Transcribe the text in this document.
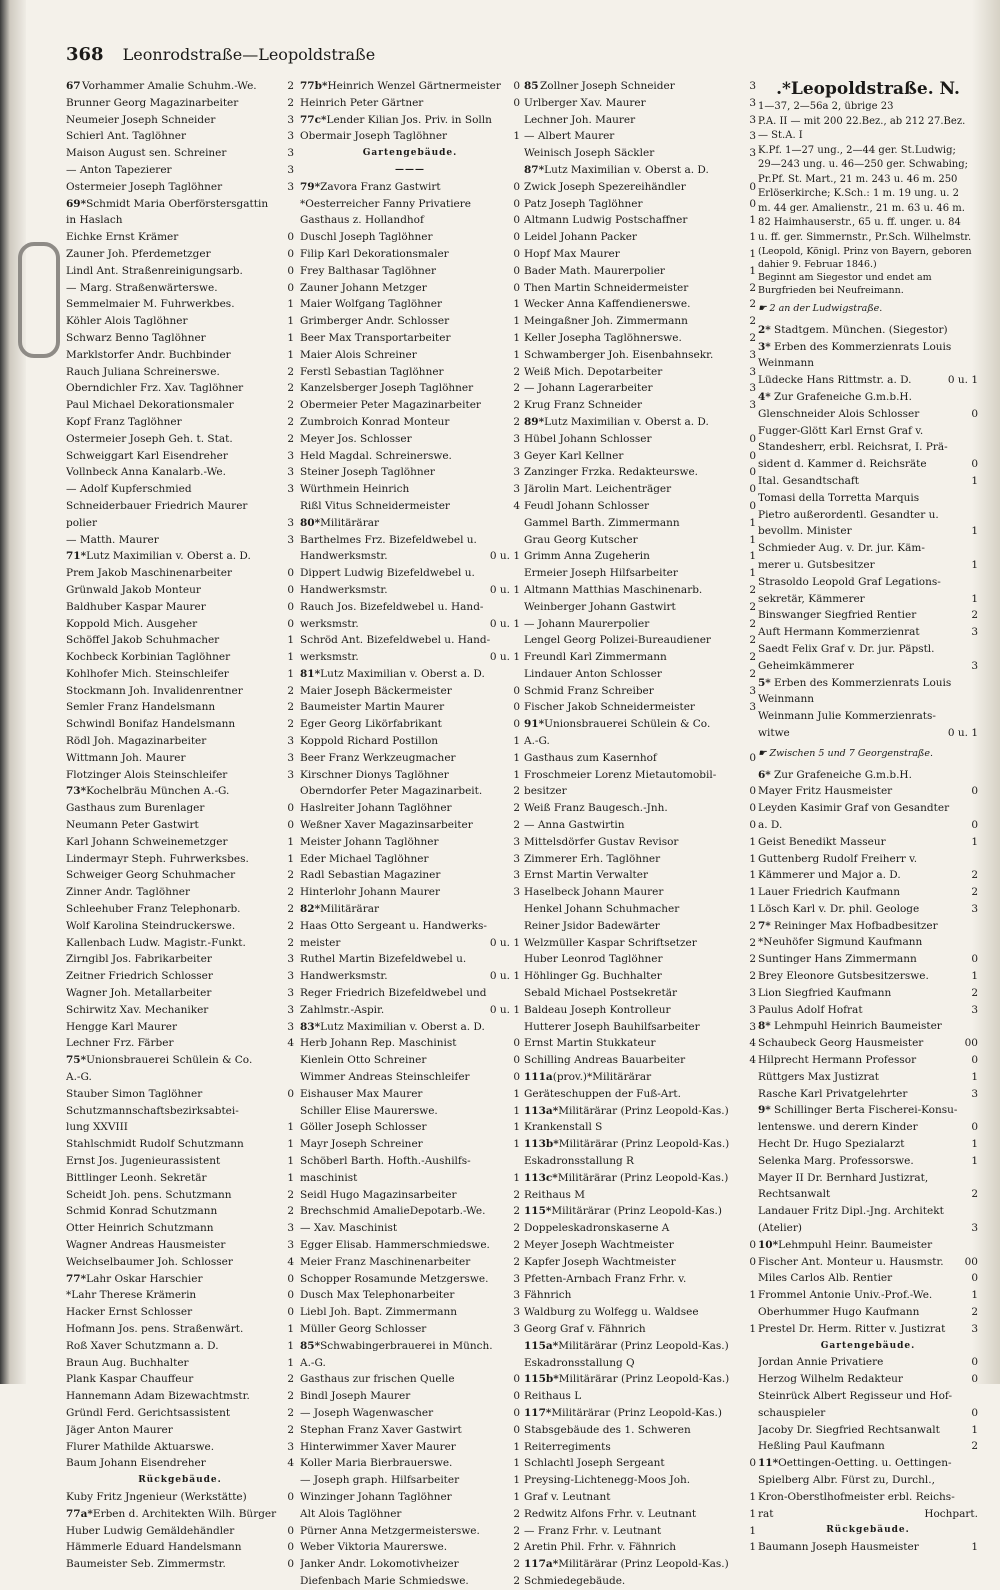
368 Leonrodstraße—Leopoldstraße
67 Vorhammer Amalie Schuhm.-We.	2
Brunner Georg Magazinarbeiter	2
Neumeier Joseph Schneider	3
Schierl Ant. Taglöhner	3
Maison August sen. Schreiner	3
— Anton Tapezierer	3
Ostermeier Joseph Taglöhner	3
69* Schmidt Maria Oberförstersgattin
in Haslach
Eichke Ernst Krämer	0
Zauner Joh. Pferdemetzger	0
Lindl Ant. Straßenreinigungsarb.	0
— Marg. Straßenwärterswe.	0
Semmelmaier M. Fuhrwerkbes.	1
Köhler Alois Taglöhner	1
Schwarz Benno Taglöhner	1
Marklstorfer Andr. Buchbinder	1
Rauch Juliana Schreinerswe.	2
Oberndichler Frz. Xav. Taglöhner	2
Paul Michael Dekorationsmaler	2
Kopf Franz Taglöhner	2
Ostermeier Joseph Geh. t. Stat.	2
Schweiggart Karl Eisendreher	3
Vollnbeck Anna Kanalarb.-We.	3
— Adolf Kupferschmied	3
Schneiderbauer Friedrich Maurer
polier	3
— Matth. Maurer	3
71* Lutz Maximilian v. Oberst a. D.
Prem Jakob Maschinenarbeiter	0
Grünwald Jakob Monteur	0
Baldhuber Kaspar Maurer	0
Koppold Mich. Ausgeher	0
Schöffel Jakob Schuhmacher	1
Kochbeck Korbinian Taglöhner	1
Kohlhofer Mich. Steinschleifer	1
Stockmann Joh. Invalidenrentner	2
Semler Franz Handelsmann	2
Schwindl Bonifaz Handelsmann	2
Rödl Joh. Magazinarbeiter	3
Wittmann Joh. Maurer	3
Flotzinger Alois Steinschleifer	3
73* Kochelbräu München A.-G.
Gasthaus zum Burenlager	0
Neumann Peter Gastwirt	0
Karl Johann Schweinemetzger	1
Lindermayr Steph. Fuhrwerksbes.	1
Schweiger Georg Schuhmacher	2
Zinner Andr. Taglöhner	2
Schleehuber Franz Telephonarb.	2
Wolf Karolina Steindruckerswe.	2
Kallenbach Ludw. Magistr.-Funkt.	2
Zirngibl Jos. Fabrikarbeiter	3
Zeitner Friedrich Schlosser	3
Wagner Joh. Metallarbeiter	3
Schirwitz Xav. Mechaniker	3
Hengge Karl Maurer	3
Lechner Frz. Färber	4
75* Unionsbrauerei Schülein & Co.
A.-G.
Stauber Simon Taglöhner	0
Schutzmannschaftsbezirksabtei-
lung XXVIII	1
Stahlschmidt Rudolf Schutzmann	1
Ernst Jos. Jugenieurassistent	1
Bittlinger Leonh. Sekretär	1
Scheidt Joh. pens. Schutzmann	2
Schmid Konrad Schutzmann	2
Otter Heinrich Schutzmann	3
Wagner Andreas Hausmeister	3
Weichselbaumer Joh. Schlosser	4
77* Lahr Oskar Harschier	0
*Lahr Therese Krämerin	0
Hacker Ernst Schlosser	0
Hofmann Jos. pens. Straßenwärt.	1
Roß Xaver Schutzmann a. D.	1
Braun Aug. Buchhalter	1
Plank Kaspar Chauffeur	2
Hannemann Adam Bizewachtmstr.	2
Gründl Ferd. Gerichtsassistent	2
Jäger Anton Maurer	2
Flurer Mathilde Aktuarswe.	3
Baum Johann Eisendreher	4
Rückgebäude.
Kuby Fritz Jngenieur (Werkstätte)	0
77a* Erben d. Architekten Wilh. Bürger
Huber Ludwig Gemäldehändler	0
Hämmerle Eduard Handelsmann	0
Baumeister Seb. Zimmermstr.	0
77b* Heinrich Wenzel Gärtnermeister	0
Heinrich Peter Gärtner	0
77c* Lender Kilian Jos. Priv. in Solln
Obermair Joseph Taglöhner	1
Gartengebäude.
———
79* Zavora Franz Gastwirt	0
*Oesterreicher Fanny Privatiere	0
Gasthaus z. Hollandhof	0
Duschl Joseph Taglöhner	0
Filip Karl Dekorationsmaler	0
Frey Balthasar Taglöhner	0
Zauner Johann Metzger	0
Maier Wolfgang Taglöhner	1
Grimberger Andr. Schlosser	1
Beer Max Transportarbeiter	1
Maier Alois Schreiner	1
Ferstl Sebastian Taglöhner	2
Kanzelsberger Joseph Taglöhner	2
Obermeier Peter Magazinarbeiter	2
Zumbroich Konrad Monteur	2
Meyer Jos. Schlosser	3
Held Magdal. Schreinerswe.	3
Steiner Joseph Taglöhner	3
Würthmein Heinrich	3
Rißl Vitus Schneidermeister	4
80* Militärärar
Barthelmes Frz. Bizefeldwebel u.
Handwerksmstr.	0 u. 1
Dippert Ludwig Bizefeldwebel u.
Handwerksmstr.	0 u. 1
Rauch Jos. Bizefeldwebel u. Hand-
werksmstr.	0 u. 1
Schröd Ant. Bizefeldwebel u. Hand-
werksmstr.	0 u. 1
81* Lutz Maximilian v. Oberst a. D.
Maier Joseph Bäckermeister	0
Baumeister Martin Maurer	0
Eger Georg Likörfabrikant	0
Koppold Richard Postillon	1
Beer Franz Werkzeugmacher	1
Kirschner Dionys Taglöhner	1
Oberndorfer Peter Magazinarbeit.	2
Haslreiter Johann Taglöhner	2
Weßner Xaver Magazinsarbeiter	2
Meister Johann Taglöhner	3
Eder Michael Taglöhner	3
Radl Sebastian Magaziner	3
Hinterlohr Johann Maurer	3
82* Militärärar
Haas Otto Sergeant u. Handwerks-
meister	0 u. 1
Ruthel Martin Bizefeldwebel u.
Handwerksmstr.	0 u. 1
Reger Friedrich Bizefeldwebel und
Zahlmstr.-Aspir.	0 u. 1
83* Lutz Maximilian v. Oberst a. D.
Herb Johann Rep. Maschinist	0
Kienlein Otto Schreiner	0
Wimmer Andreas Steinschleifer	0
Eishauser Max Maurer	1
Schiller Elise Maurerswe.	1
Göller Joseph Schlosser	1
Mayr Joseph Schreiner	1
Schöberl Barth. Hofth.-Aushilfs-
maschinist	1
Seidl Hugo Magazinsarbeiter	2
Brechschmid AmalieDepotarb.-We.	2
— Xav. Maschinist	2
Egger Elisab. Hammerschmiedswe.	2
Meier Franz Maschinenarbeiter	2
Schopper Rosamunde Metzgerswe.	3
Dusch Max Telephonarbeiter	3
Liebl Joh. Bapt. Zimmermann	3
Müller Georg Schlosser	3
85* Schwabingerbrauerei in Münch.
A.-G.
Gasthaus zur frischen Quelle	0
Bindl Joseph Maurer	0
— Joseph Wagenwascher	0
Stephan Franz Xaver Gastwirt	0
Hinterwimmer Xaver Maurer	1
Koller Maria Bierbrauerswe.	1
— Joseph graph. Hilfsarbeiter	1
Winzinger Johann Taglöhner	1
Alt Alois Taglöhner	2
Pürner Anna Metzgermeisterswe.	2
Weber Viktoria Maurerswe.	2
Janker Andr. Lokomotivheizer	2
Diefenbach Marie Schmiedswe.	2
85 Zollner Joseph Schneider	3
Urlberger Xav. Maurer	3
Lechner Joh. Maurer	3
— Albert Maurer	3
Weinisch Joseph Säckler	3
87* Lutz Maximilian v. Oberst a. D.
Zwick Joseph Spezereihändler	0
Patz Joseph Taglöhner	0
Altmann Ludwig Postschaffner	1
Leidel Johann Packer	1
Hopf Max Maurer	1
Bader Math. Maurerpolier	1
Then Martin Schneidermeister	2
Wecker Anna Kaffendienerswe.	2
Meingaßner Joh. Zimmermann	2
Keller Josepha Taglöhnerswe.	2
Schwamberger Joh. Eisenbahnsekr.	3
Weiß Mich. Depotarbeiter	3
— Johann Lagerarbeiter	3
Krug Franz Schneider	3
89* Lutz Maximilian v. Oberst a. D.
Hübel Johann Schlosser	0
Geyer Karl Kellner	0
Zanzinger Frzka. Redakteurswe.	0
Järolin Mart. Leichenträger	0
Feudl Johann Schlosser	0
Gammel Barth. Zimmermann	1
Grau Georg Kutscher	1
Grimm Anna Zugeherin	1
Ermeier Joseph Hilfsarbeiter	1
Altmann Matthias Maschinenarb.	2
Weinberger Johann Gastwirt	2
— Johann Maurerpolier	2
Lengel Georg Polizei-Bureaudiener	2
Freundl Karl Zimmermann	2
Lindauer Anton Schlosser	2
Schmid Franz Schreiber	3
Fischer Jakob Schneidermeister	3
91* Unionsbrauerei Schülein & Co.
A.-G.
Gasthaus zum Kasernhof	0
Froschmeier Lorenz Mietautomobil-
besitzer	0
Weiß Franz Baugesch.-Jnh.	0
— Anna Gastwirtin	0
Mittelsdörfer Gustav Revisor	1
Zimmerer Erh. Taglöhner	1
Ernst Martin Verwalter	1
Haselbeck Johann Maurer	1
Henkel Johann Schuhmacher	1
Reiner Jsidor Badewärter	2
Welzmüller Kaspar Schriftsetzer	2
Huber Leonrod Taglöhner	2
Höhlinger Gg. Buchhalter	2
Sebald Michael Postsekretär	3
Baldeau Joseph Kontrolleur	3
Hutterer Joseph Bauhilfsarbeiter	3
Ernst Martin Stukkateur	4
Schilling Andreas Bauarbeiter	4
111a (prov.)*Militärärar
Geräteschuppen der Fuß-Art.
113a* Militärärar (Prinz Leopold-Kas.)
Krankenstall S
113b* Militärärar (Prinz Leopold-Kas.)
Eskadronsstallung R
113c* Militärärar (Prinz Leopold-Kas.)
Reithaus M
115* Militärärar (Prinz Leopold-Kas.)
Doppeleskadronskaserne A
Meyer Joseph Wachtmeister	0
Kapfer Joseph Wachtmeister	0
Pfetten-Arnbach Franz Frhr. v.
Fähnrich	1
Waldburg zu Wolfegg u. Waldsee
Georg Graf v. Fähnrich	1
115a* Militärärar (Prinz Leopold-Kas.)
Eskadronsstallung Q
115b* Militärärar (Prinz Leopold-Kas.)
Reithaus L
117* Militärärar (Prinz Leopold-Kas.)
Stabsgebäude des 1. Schweren
Reiterregiments
Schlachtl Joseph Sergeant	0
Preysing-Lichtenegg-Moos Joh.
Graf v. Leutnant	1
Redwitz Alfons Frhr. v. Leutnant	1
— Franz Frhr. v. Leutnant	1
Aretin Phil. Frhr. v. Fähnrich	1
117a* Militärärar (Prinz Leopold-Kas.)
Schmiedegebäude.
.*Leopoldstraße. N.
1—37, 2—56a 2, übrige 23
P.A. II — mit 200 22.Bez., ab 212 27.Bez.
— St.A. I
K.Pf. 1—27 ung., 2—44 ger. St.Ludwig;
29—243 ung. u. 46—250 ger. Schwabing;
Pr.Pf. St. Mart., 21 m. 243 u. 46 m. 250
Erlöserkirche; K.Sch.: 1 m. 19 ung. u. 2
m. 44 ger. Amalienstr., 21 m. 63 u. 46 m.
82 Haimhauserstr., 65 u. ff. unger. u. 84
u. ff. ger. Simmernstr., Pr.Sch. Wilhelmstr.
(Leopold, Königl. Prinz von Bayern, geboren dahier 9. Februar 1846.)
Beginnt am Siegestor und endet am Burgfrieden bei Neufreimann.
☛ 2 an der Ludwigstraße.
2* Stadtgem. München. (Siegestor)
3* Erben des Kommerzienrats Louis
Weinmann
Lüdecke Hans Rittmstr. a. D.	0 u. 1
4* Zur Grafeneiche G.m.b.H.
Glenschneider Alois Schlosser	0
Fugger-Glött Karl Ernst Graf v.
Standesherr, erbl. Reichsrat, I. Prä-
sident d. Kammer d. Reichsräte	0
Ital. Gesandtschaft	1
Tomasi della Torretta Marquis
Pietro außerordentl. Gesandter u.
bevollm. Minister	1
Schmieder Aug. v. Dr. jur. Käm-
merer u. Gutsbesitzer	1
Strasoldo Leopold Graf Legations-
sekretär, Kämmerer	1
Binswanger Siegfried Rentier	2
Auft Hermann Kommerzienrat	3
Saedt Felix Graf v. Dr. jur. Päpstl.
Geheimkämmerer	3
5* Erben des Kommerzienrats Louis
Weinmann
Weinmann Julie Kommerzienrats-
witwe	0 u. 1
☛ Zwischen 5 und 7 Georgenstraße.
6* Zur Grafeneiche G.m.b.H.
Mayer Fritz Hausmeister	0
Leyden Kasimir Graf von Gesandter
a. D.	0
Geist Benedikt Masseur	1
Guttenberg Rudolf Freiherr v.
Kämmerer und Major a. D.	2
Lauer Friedrich Kaufmann	2
Lösch Karl v. Dr. phil. Geologe	3
7* Reininger Max Hofbadbesitzer
*Neuhöfer Sigmund Kaufmann
Suntinger Hans Zimmermann	0
Brey Eleonore Gutsbesitzerswe.	1
Lion Siegfried Kaufmann	2
Paulus Adolf Hofrat	3
8* Lehmpuhl Heinrich Baumeister
Schaubeck Georg Hausmeister	00
Hilprecht Hermann Professor	0
Rüttgers Max Justizrat	1
Rasche Karl Privatgelehrter	3
9* Schillinger Berta Fischerei-Konsu-
lentenswe. und derern Kinder	0
Hecht Dr. Hugo Spezialarzt	1
Selenka Marg. Professorswe.	1
Mayer II Dr. Bernhard Justizrat,
Rechtsanwalt	2
Landauer Fritz Dipl.-Jng. Architekt
(Atelier)	3
10* Lehmpuhl Heinr. Baumeister
Fischer Ant. Monteur u. Hausmstr.	00
Miles Carlos Alb. Rentier	0
Frommel Antonie Univ.-Prof.-We.	1
Oberhummer Hugo Kaufmann	2
Prestel Dr. Herm. Ritter v. Justizrat	3
Gartengebäude.
Jordan Annie Privatiere	0
Herzog Wilhelm Redakteur	0
Steinrück Albert Regisseur und Hof-
schauspieler	0
Jacoby Dr. Siegfried Rechtsanwalt	1
Heßling Paul Kaufmann	2
11* Oettingen-Oetting. u. Oettingen-
Spielberg Albr. Fürst zu, Durchl.,
Kron-Oberstlhofmeister erbl. Reichs-
rat	Hochpart.
Rückgebäude.
Baumann Joseph Hausmeister	1
